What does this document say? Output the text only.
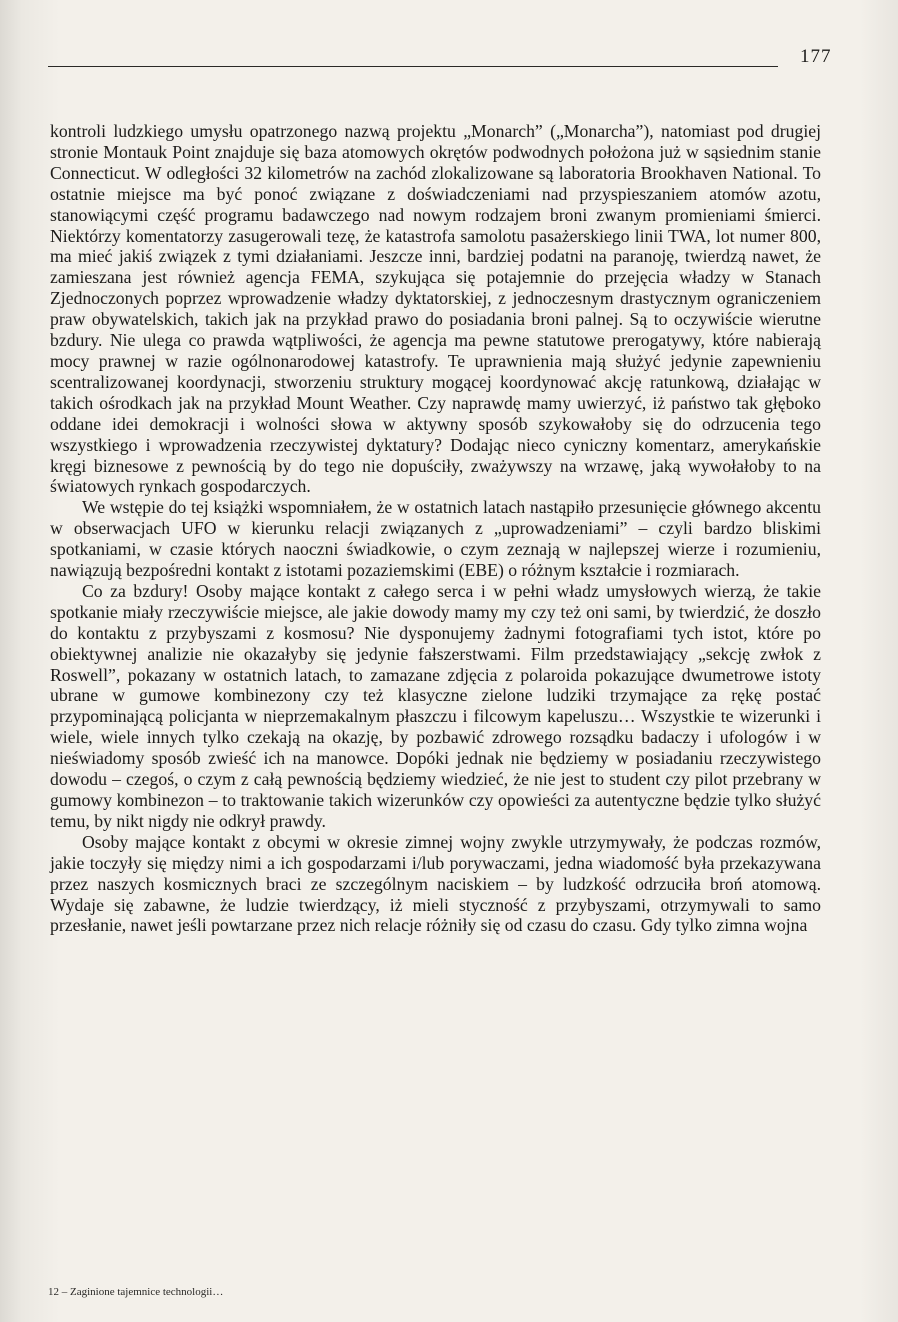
177

kontroli ludzkiego umysłu opatrzonego nazwą projektu „Monarch” („Monarcha”), natomiast pod drugiej stronie Montauk Point znajduje się baza atomowych okrętów podwodnych położona już w sąsiednim stanie Connecticut. W odległości 32 kilometrów na zachód zlokalizowane są laboratoria Brookhaven National. To ostatnie miejsce ma być ponoć związane z doświadczeniami nad przyspieszaniem atomów azotu, stanowiącymi część programu badawczego nad nowym rodzajem broni zwanym promieniami śmierci. Niektórzy komentatorzy zasugerowali tezę, że katastrofa samolotu pasażerskiego linii TWA, lot numer 800, ma mieć jakiś związek z tymi działaniami. Jeszcze inni, bardziej podatni na paranoję, twierdzą nawet, że zamieszana jest również agencja FEMA, szykująca się potajemnie do przejęcia władzy w Stanach Zjednoczonych poprzez wprowadzenie władzy dyktatorskiej, z jednoczesnym drastycznym ograniczeniem praw obywatelskich, takich jak na przykład prawo do posiadania broni palnej. Są to oczywiście wierutne bzdury. Nie ulega co prawda wątpliwości, że agencja ma pewne statutowe prerogatywy, które nabierają mocy prawnej w razie ogólnonarodowej katastrofy. Te uprawnienia mają służyć jedynie zapewnieniu scentralizowanej koordynacji, stworzeniu struktury mogącej koordynować akcję ratunkową, działając w takich ośrodkach jak na przykład Mount Weather. Czy naprawdę mamy uwierzyć, iż państwo tak głęboko oddane idei demokracji i wolności słowa w aktywny sposób szykowałoby się do odrzucenia tego wszystkiego i wprowadzenia rzeczywistej dyktatury? Dodając nieco cyniczny komentarz, amerykańskie kręgi biznesowe z pewnością by do tego nie dopuściły, zważywszy na wrzawę, jaką wywołałoby to na światowych rynkach gospodarczych.

We wstępie do tej książki wspomniałem, że w ostatnich latach nastąpiło przesunięcie głównego akcentu w obserwacjach UFO w kierunku relacji związanych z „uprowadzeniami” – czyli bardzo bliskimi spotkaniami, w czasie których naoczni świadkowie, o czym zeznają w najlepszej wierze i rozumieniu, nawiązują bezpośredni kontakt z istotami pozaziemskimi (EBE) o różnym kształcie i rozmiarach.

Co za bzdury! Osoby mające kontakt z całego serca i w pełni władz umysłowych wierzą, że takie spotkanie miały rzeczywiście miejsce, ale jakie dowody mamy my czy też oni sami, by twierdzić, że doszło do kontaktu z przybyszami z kosmosu? Nie dysponujemy żadnymi fotografiami tych istot, które po obiektywnej analizie nie okazałyby się jedynie fałszerstwami. Film przedstawiający „sekcję zwłok z Roswell”, pokazany w ostatnich latach, to zamazane zdjęcia z polaroida pokazujące dwumetrowe istoty ubrane w gumowe kombinezony czy też klasyczne zielone ludziki trzymające za rękę postać przypominającą policjanta w nieprzemakalnym płaszczu i filcowym kapeluszu… Wszystkie te wizerunki i wiele, wiele innych tylko czekają na okazję, by pozbawić zdrowego rozsądku badaczy i ufologów i w nieświadomy sposób zwieść ich na manowce. Dopóki jednak nie będziemy w posiadaniu rzeczywistego dowodu – czegoś, o czym z całą pewnością będziemy wiedzieć, że nie jest to student czy pilot przebrany w gumowy kombinezon – to traktowanie takich wizerunków czy opowieści za autentyczne będzie tylko służyć temu, by nikt nigdy nie odkrył prawdy.

Osoby mające kontakt z obcymi w okresie zimnej wojny zwykle utrzymywały, że podczas rozmów, jakie toczyły się między nimi a ich gospodarzami i/lub porywaczami, jedna wiadomość była przekazywana przez naszych kosmicznych braci ze szczególnym naciskiem – by ludzkość odrzuciła broń atomową. Wydaje się zabawne, że ludzie twierdzący, iż mieli styczność z przybyszami, otrzymywali to samo przesłanie, nawet jeśli powtarzane przez nich relacje różniły się od czasu do czasu. Gdy tylko zimna wojna

12 – Zaginione tajemnice technologii…
